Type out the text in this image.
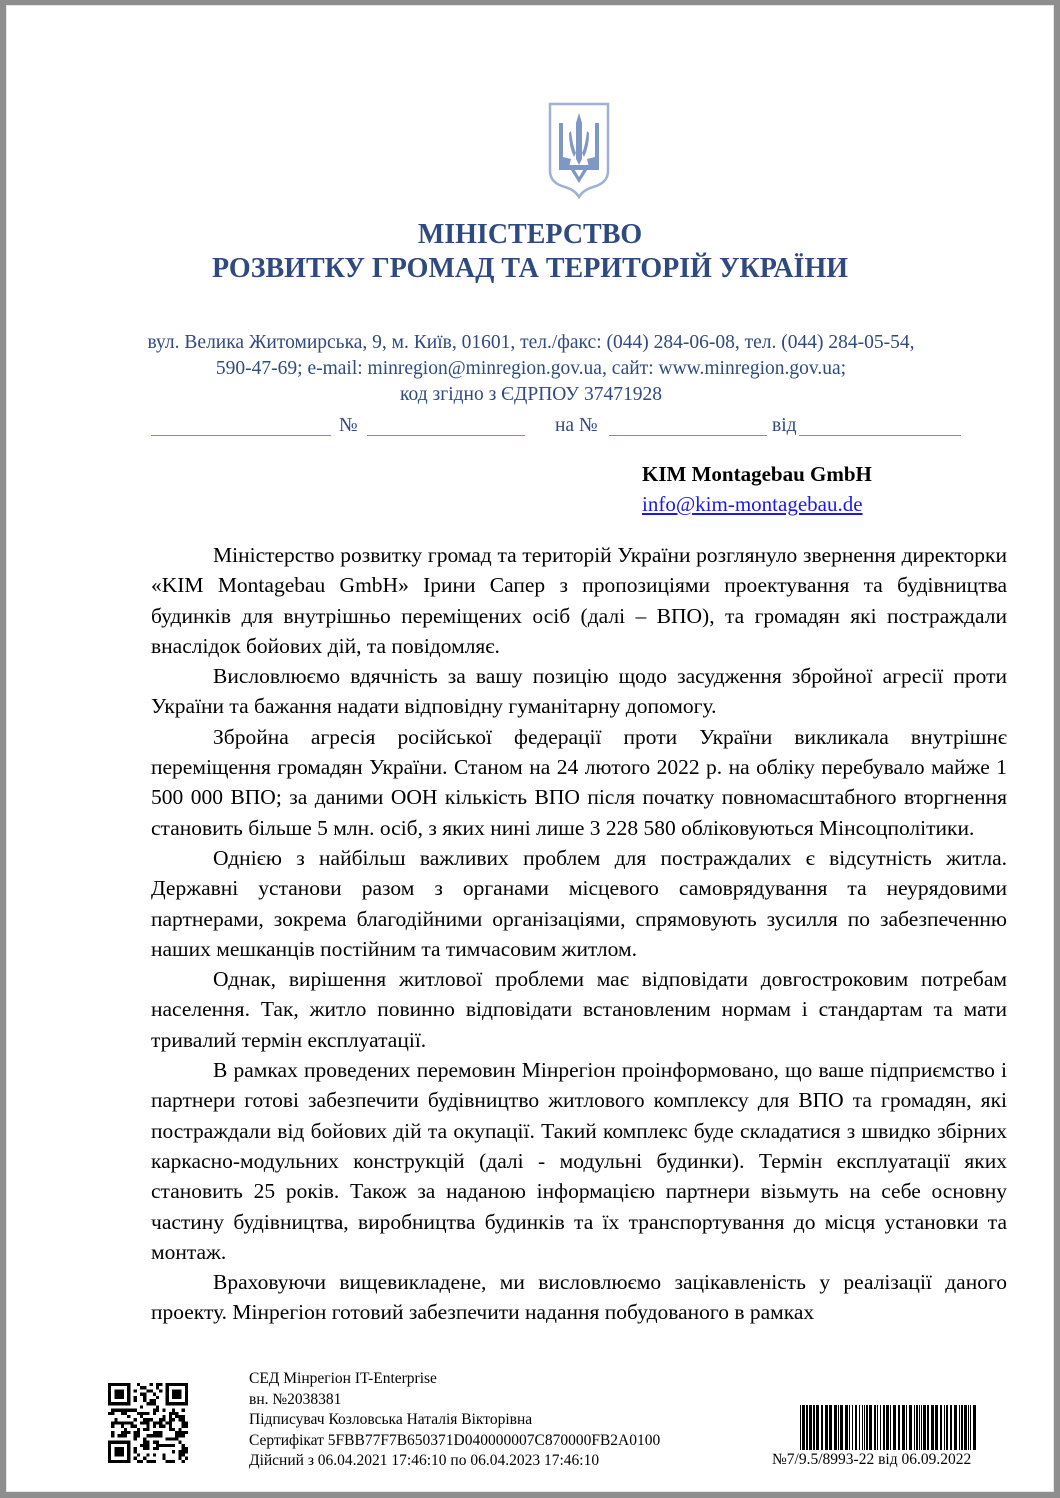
МІНІСТЕРСТВО
РОЗВИТКУ ГРОМАД ТА ТЕРИТОРІЙ УКРАЇНИ
вул. Велика Житомирська, 9, м. Київ, 01601, тел./факс: (044) 284-06-08, тел. (044) 284-05-54,
590-47-69; e-mail: minregion@minregion.gov.ua, сайт: www.minregion.gov.ua;
код згідно з ЄДРПОУ 37471928
№	на №	від
KIM Montagebau GmbH
info@kim-montagebau.de

Міністерство розвитку громад та територій України розглянуло звернення директорки «KIM Montagebau GmbH» Ірини Сапер з пропозиціями проектування та будівництва будинків для внутрішньо переміщених осіб (далі – ВПО), та громадян які постраждали внаслідок бойових дій, та повідомляє.

Висловлюємо вдячність за вашу позицію щодо засудження збройної агресії проти України та бажання надати відповідну гуманітарну допомогу.

Збройна агресія російської федерації проти України викликала внутрішнє переміщення громадян України. Станом на 24 лютого 2022 р. на обліку перебувало майже 1 500 000 ВПО; за даними ООН кількість ВПО після початку повномасштабного вторгнення становить більше 5 млн. осіб, з яких нині лише 3 228 580 обліковуються Мінсоцполітики.

Однією з найбільш важливих проблем для постраждалих є відсутність житла. Державні установи разом з органами місцевого самоврядування та неурядовими партнерами, зокрема благодійними організаціями, спрямовують зусилля по забезпеченню наших мешканців постійним та тимчасовим житлом.

Однак, вирішення житлової проблеми має відповідати довгостроковим потребам населення. Так, житло повинно відповідати встановленим нормам і стандартам та мати тривалий термін експлуатації.

В рамках проведених перемовин Мінрегіон проінформовано, що ваше підприємство і партнери готові забезпечити будівництво житлового комплексу для ВПО та громадян, які постраждали від бойових дій та окупації. Такий комплекс буде складатися з швидко збірних каркасно-модульних конструкцій (далі - модульні будинки). Термін експлуатації яких становить 25 років. Також за наданою інформацією партнери візьмуть на себе основну частину будівництва, виробництва будинків та їх транспортування до місця установки та монтаж.

Враховуючи вищевикладене, ми висловлюємо зацікавленість у реалізації даного проекту. Мінрегіон готовий забезпечити надання побудованого в рамках

СЕД Мінрегіон IT-Enterprise
вн. №2038381
Підписувач Козловська Наталія Вікторівна
Сертифікат 5FBB77F7B650371D040000007C870000FB2A0100
Дійсний з 06.04.2021 17:46:10 по 06.04.2023 17:46:10	№7/9.5/8993-22 від 06.09.2022
